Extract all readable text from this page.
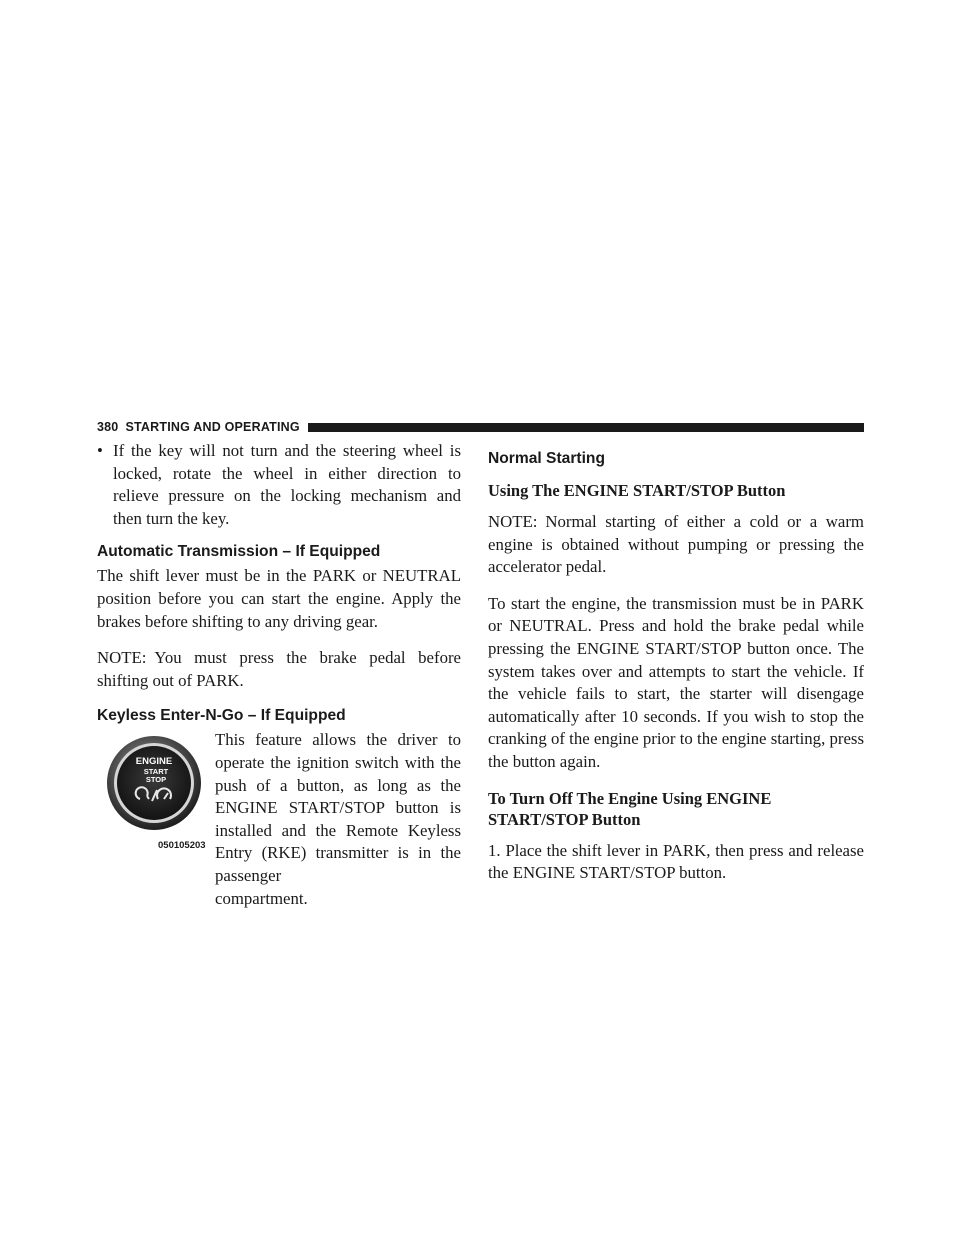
380 STARTING AND OPERATING
• If the key will not turn and the steering wheel is locked, rotate the wheel in either direction to relieve pressure on the locking mechanism and then turn the key.
Automatic Transmission – If Equipped

The shift lever must be in the PARK or NEUTRAL position before you can start the engine. Apply the brakes before shifting to any driving gear.

NOTE: You must press the brake pedal before shifting out of PARK.

Keyless Enter-N-Go – If Equipped
ENGINE
START
STOP
050105203
This feature allows the driver to operate the ignition switch with the push of a button, as long as the ENGINE START/STOP button is installed and the Remote Keyless Entry (RKE) transmitter is in the passenger
compartment.
Normal Starting
Using The ENGINE START/STOP Button

NOTE: Normal starting of either a cold or a warm engine is obtained without pumping or pressing the accelerator pedal.

To start the engine, the transmission must be in PARK or NEUTRAL. Press and hold the brake pedal while pressing the ENGINE START/STOP button once. The system takes over and attempts to start the vehicle. If the vehicle fails to start, the starter will disengage automatically after 10 seconds. If you wish to stop the cranking of the engine prior to the engine starting, press the button again.

To Turn Off The Engine Using ENGINE START/STOP Button

1. Place the shift lever in PARK, then press and release the ENGINE START/STOP button.
